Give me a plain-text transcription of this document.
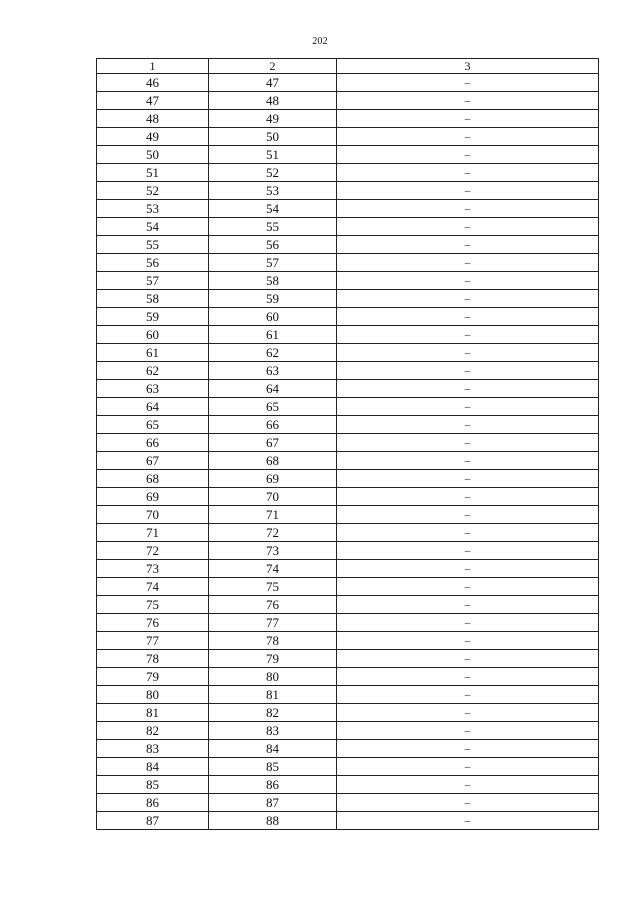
202
1	2	3
46	47	–
47	48	–
48	49	–
49	50	–
50	51	–
51	52	–
52	53	–
53	54	–
54	55	–
55	56	–
56	57	–
57	58	–
58	59	–
59	60	–
60	61	–
61	62	–
62	63	–
63	64	–
64	65	–
65	66	–
66	67	–
67	68	–
68	69	–
69	70	–
70	71	–
71	72	–
72	73	–
73	74	–
74	75	–
75	76	–
76	77	–
77	78	–
78	79	–
79	80	–
80	81	–
81	82	–
82	83	–
83	84	–
84	85	–
85	86	–
86	87	–
87	88	–
